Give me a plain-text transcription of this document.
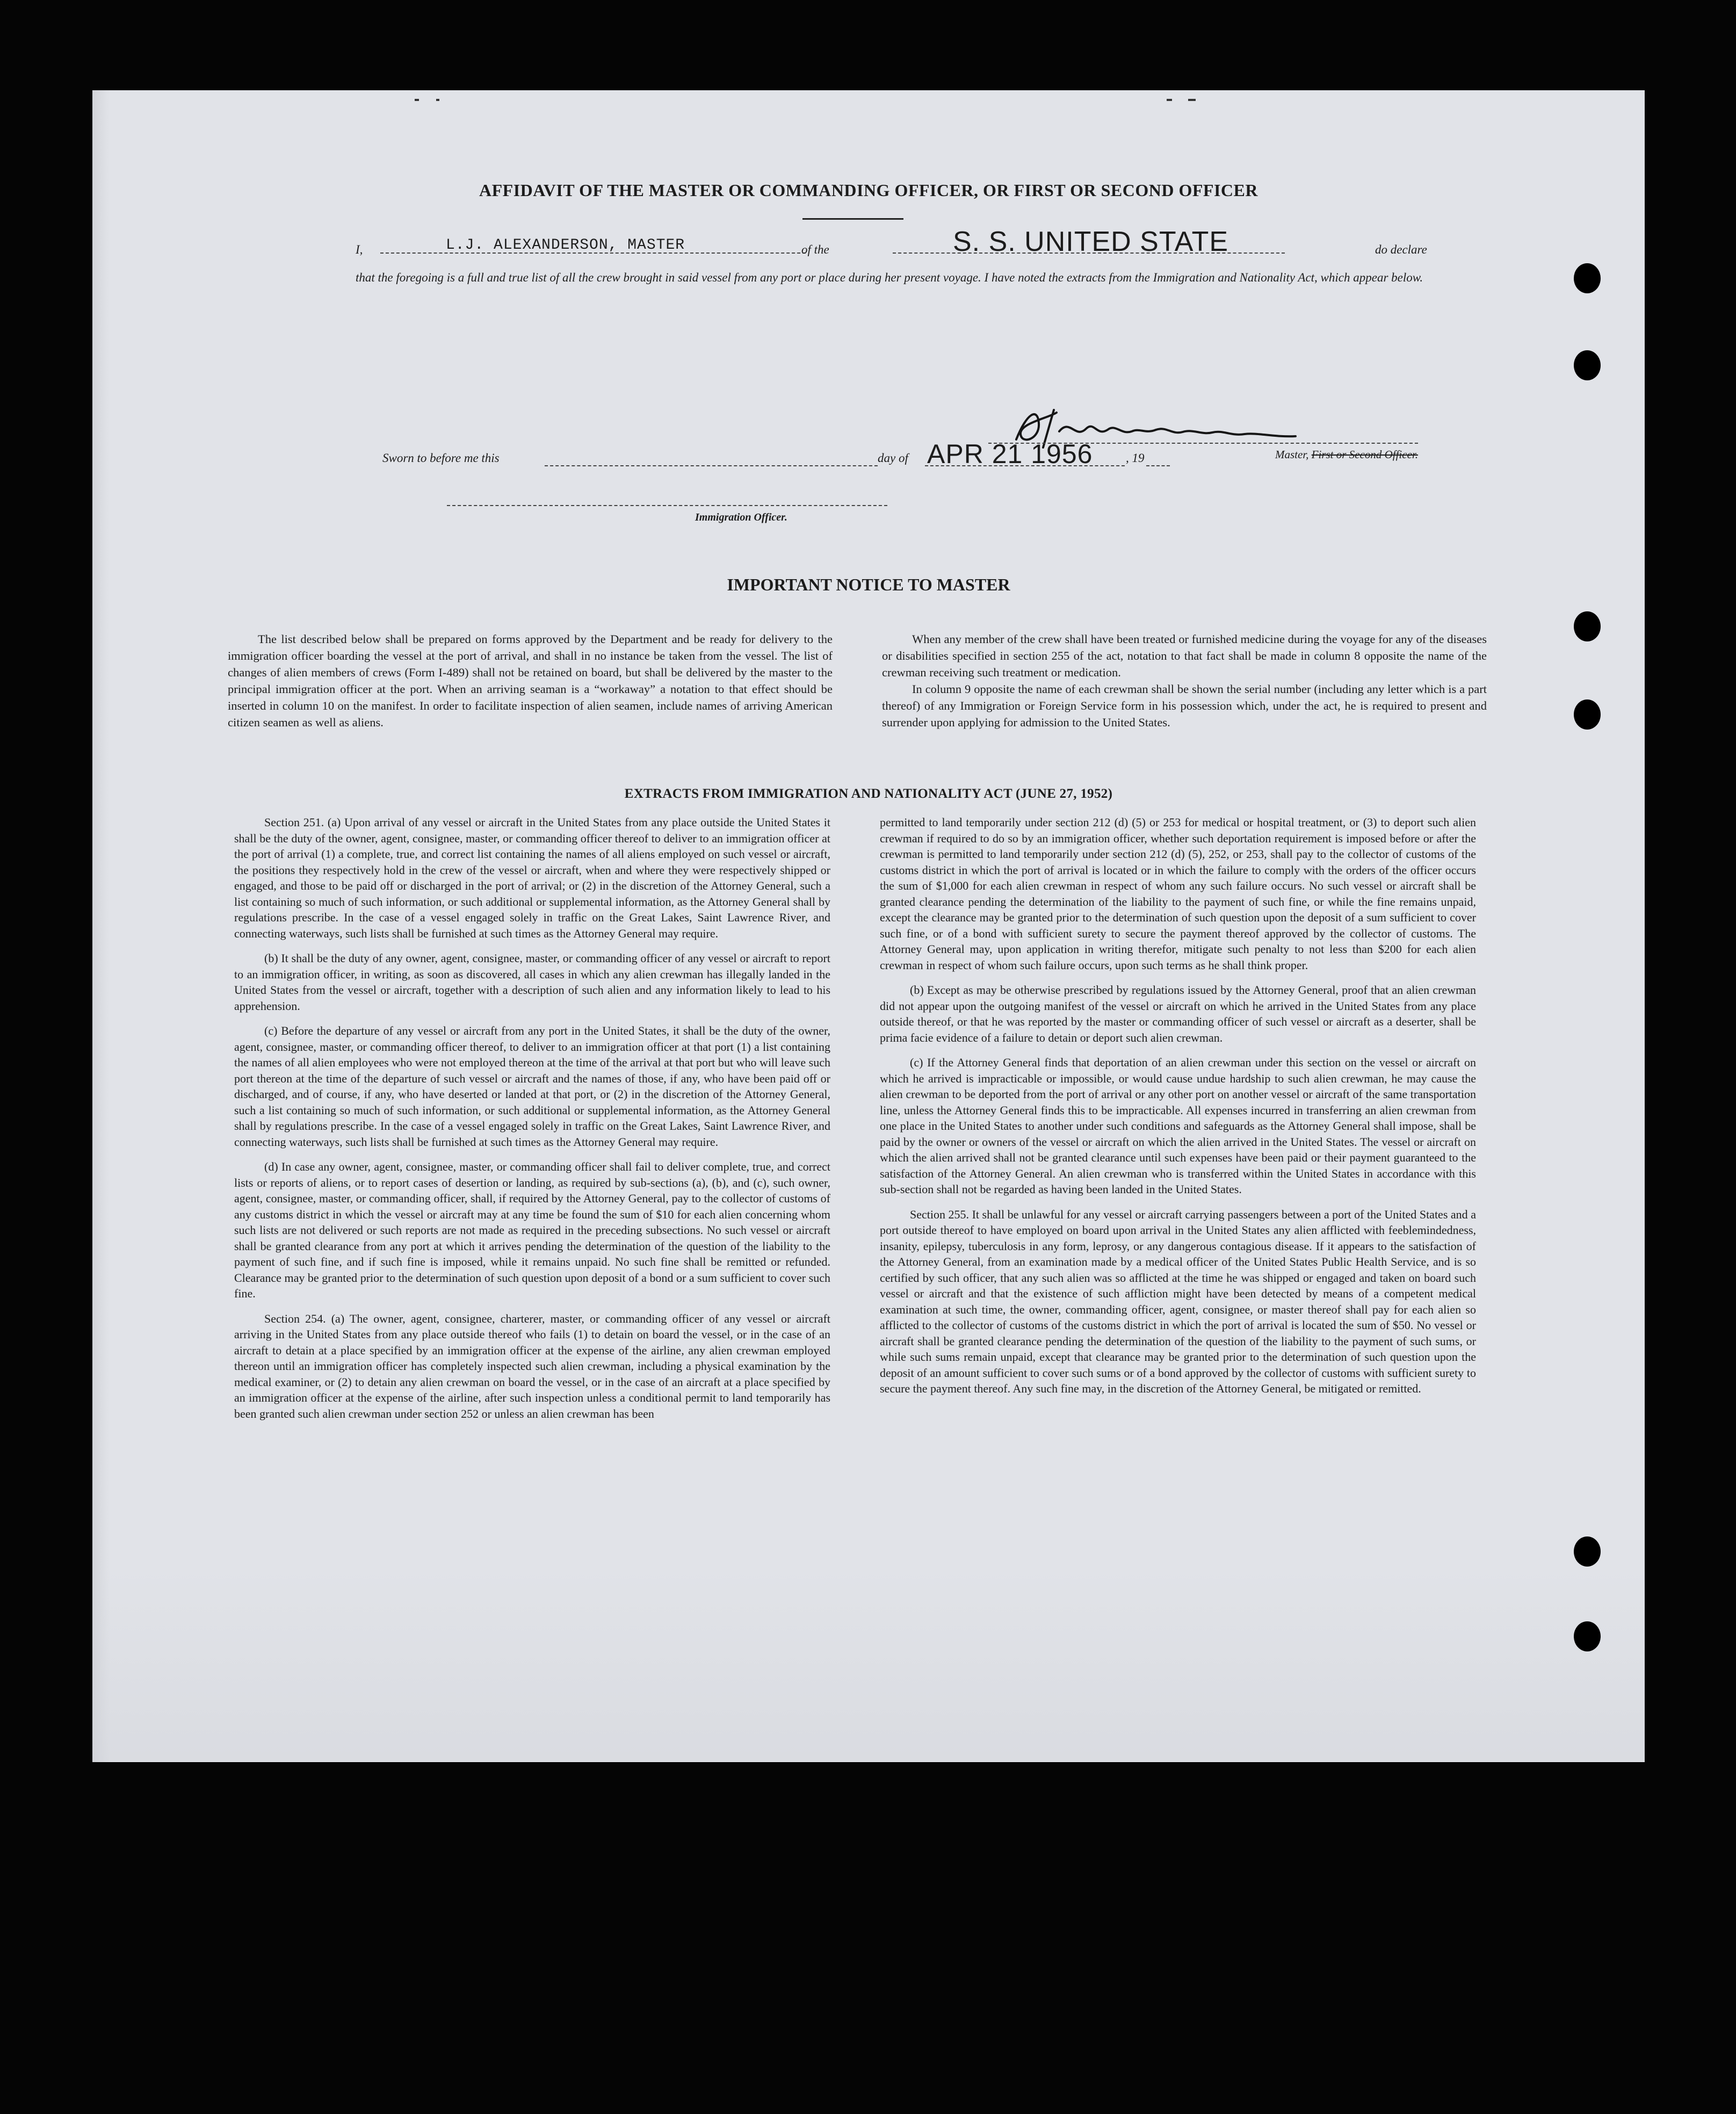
AFFIDAVIT OF THE MASTER OR COMMANDING OFFICER, OR FIRST OR SECOND OFFICER
I,	L.J. ALEXANDERSON, MASTER	of the	do declare
that the foregoing is a full and true list of all the crew brought in said vessel from any port or place during her present voyage. I have noted the extracts from the Immigration and Nationality Act, which appear below.
S. S. UNITED STATE
Master, First or Second Officer.
Sworn to before me this	day of APR 21 1956	, 19
Immigration Officer.
IMPORTANT NOTICE TO MASTER

The list described below shall be prepared on forms approved by the Department and be ready for delivery to the immigration officer boarding the vessel at the port of arrival, and shall in no instance be taken from the vessel. The list of changes of alien members of crews (Form I-489) shall not be retained on board, but shall be delivered by the master to the principal immigration officer at the port. When an arriving seaman is a “workaway” a notation to that effect should be inserted in column 10 on the manifest. In order to facilitate inspection of alien seamen, include names of arriving American citizen seamen as well as aliens.

When any member of the crew shall have been treated or furnished medicine during the voyage for any of the diseases or disabilities specified in section 255 of the act, notation to that fact shall be made in column 8 opposite the name of the crewman receiving such treatment or medication.

In column 9 opposite the name of each crewman shall be shown the serial number (including any letter which is a part thereof) of any Immigration or Foreign Service form in his possession which, under the act, he is required to present and surrender upon applying for admission to the United States.

EXTRACTS FROM IMMIGRATION AND NATIONALITY ACT (JUNE 27, 1952)

Section 251. (a) Upon arrival of any vessel or aircraft in the United States from any place outside the United States it shall be the duty of the owner, agent, consignee, master, or commanding officer thereof to deliver to an immigration officer at the port of arrival (1) a complete, true, and correct list containing the names of all aliens employed on such vessel or aircraft, the positions they respectively hold in the crew of the vessel or aircraft, when and where they were respectively shipped or engaged, and those to be paid off or discharged in the port of arrival; or (2) in the discretion of the Attorney General, such a list containing so much of such information, or such additional or supplemental information, as the Attorney General shall by regulations prescribe. In the case of a vessel engaged solely in traffic on the Great Lakes, Saint Lawrence River, and connecting waterways, such lists shall be furnished at such times as the Attorney General may require.

(b) It shall be the duty of any owner, agent, consignee, master, or commanding officer of any vessel or aircraft to report to an immigration officer, in writing, as soon as discovered, all cases in which any alien crewman has illegally landed in the United States from the vessel or aircraft, together with a description of such alien and any information likely to lead to his apprehension.

(c) Before the departure of any vessel or aircraft from any port in the United States, it shall be the duty of the owner, agent, consignee, master, or commanding officer thereof, to deliver to an immigration officer at that port (1) a list containing the names of all alien employees who were not employed thereon at the time of the arrival at that port but who will leave such port thereon at the time of the departure of such vessel or aircraft and the names of those, if any, who have been paid off or discharged, and of course, if any, who have deserted or landed at that port, or (2) in the discretion of the Attorney General, such a list containing so much of such information, or such additional or supplemental information, as the Attorney General shall by regulations prescribe. In the case of a vessel engaged solely in traffic on the Great Lakes, Saint Lawrence River, and connecting waterways, such lists shall be furnished at such times as the Attorney General may require.

(d) In case any owner, agent, consignee, master, or commanding officer shall fail to deliver complete, true, and correct lists or reports of aliens, or to report cases of desertion or landing, as required by sub-sections (a), (b), and (c), such owner, agent, consignee, master, or commanding officer, shall, if required by the Attorney General, pay to the collector of customs of any customs district in which the vessel or aircraft may at any time be found the sum of $10 for each alien concerning whom such lists are not delivered or such reports are not made as required in the preceding subsections. No such vessel or aircraft shall be granted clearance from any port at which it arrives pending the determination of the question of the liability to the payment of such fine, and if such fine is imposed, while it remains unpaid. No such fine shall be remitted or refunded. Clearance may be granted prior to the determination of such question upon deposit of a bond or a sum sufficient to cover such fine.

Section 254. (a) The owner, agent, consignee, charterer, master, or commanding officer of any vessel or aircraft arriving in the United States from any place outside thereof who fails (1) to detain on board the vessel, or in the case of an aircraft to detain at a place specified by an immigration officer at the expense of the airline, any alien crewman employed thereon until an immigration officer has completely inspected such alien crewman, including a physical examination by the medical examiner, or (2) to detain any alien crewman on board the vessel, or in the case of an aircraft at a place specified by an immigration officer at the expense of the airline, after such inspection unless a conditional permit to land temporarily has been granted such alien crewman under section 252 or unless an alien crewman has been

permitted to land temporarily under section 212 (d) (5) or 253 for medical or hospital treatment, or (3) to deport such alien crewman if required to do so by an immigration officer, whether such deportation requirement is imposed before or after the crewman is permitted to land temporarily under section 212 (d) (5), 252, or 253, shall pay to the collector of customs of the customs district in which the port of arrival is located or in which the failure to comply with the orders of the officer occurs the sum of $1,000 for each alien crewman in respect of whom any such failure occurs. No such vessel or aircraft shall be granted clearance pending the determination of the liability to the payment of such fine, or while the fine remains unpaid, except the clearance may be granted prior to the determination of such question upon the deposit of a sum sufficient to cover such fine, or of a bond with sufficient surety to secure the payment thereof approved by the collector of customs. The Attorney General may, upon application in writing therefor, mitigate such penalty to not less than $200 for each alien crewman in respect of whom such failure occurs, upon such terms as he shall think proper.

(b) Except as may be otherwise prescribed by regulations issued by the Attorney General, proof that an alien crewman did not appear upon the outgoing manifest of the vessel or aircraft on which he arrived in the United States from any place outside thereof, or that he was reported by the master or commanding officer of such vessel or aircraft as a deserter, shall be prima facie evidence of a failure to detain or deport such alien crewman.

(c) If the Attorney General finds that deportation of an alien crewman under this section on the vessel or aircraft on which he arrived is impracticable or impossible, or would cause undue hardship to such alien crewman, he may cause the alien crewman to be deported from the port of arrival or any other port on another vessel or aircraft of the same transportation line, unless the Attorney General finds this to be impracticable. All expenses incurred in transferring an alien crewman from one place in the United States to another under such conditions and safeguards as the Attorney General shall impose, shall be paid by the owner or owners of the vessel or aircraft on which the alien arrived in the United States. The vessel or aircraft on which the alien arrived shall not be granted clearance until such expenses have been paid or their payment guaranteed to the satisfaction of the Attorney General. An alien crewman who is transferred within the United States in accordance with this sub-section shall not be regarded as having been landed in the United States.

Section 255. It shall be unlawful for any vessel or aircraft carrying passengers between a port of the United States and a port outside thereof to have employed on board upon arrival in the United States any alien afflicted with feeblemindedness, insanity, epilepsy, tuberculosis in any form, leprosy, or any dangerous contagious disease. If it appears to the satisfaction of the Attorney General, from an examination made by a medical officer of the United States Public Health Service, and is so certified by such officer, that any such alien was so afflicted at the time he was shipped or engaged and taken on board such vessel or aircraft and that the existence of such affliction might have been detected by means of a competent medical examination at such time, the owner, commanding officer, agent, consignee, or master thereof shall pay for each alien so afflicted to the collector of customs of the customs district in which the port of arrival is located the sum of $50. No vessel or aircraft shall be granted clearance pending the determination of the question of the liability to the payment of such sums, or while such sums remain unpaid, except that clearance may be granted prior to the determination of such question upon the deposit of an amount sufficient to cover such sums or of a bond approved by the collector of customs with sufficient surety to secure the payment thereof. Any such fine may, in the discretion of the Attorney General, be mitigated or remitted.
